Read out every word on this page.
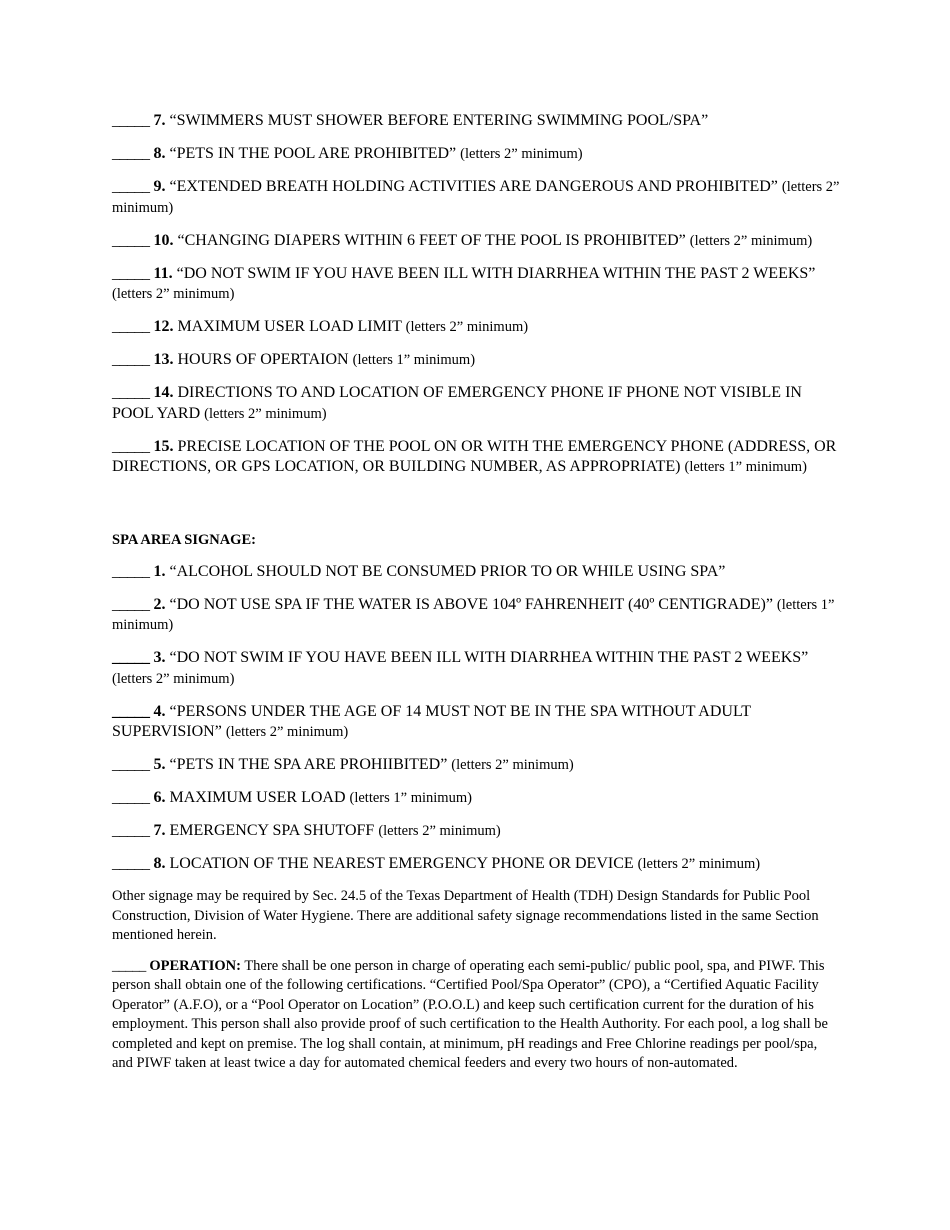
_____ 7. “SWIMMERS MUST SHOWER BEFORE ENTERING SWIMMING POOL/SPA”

_____ 8. “PETS IN THE POOL ARE PROHIBITED” (letters 2” minimum)

_____ 9. “EXTENDED BREATH HOLDING ACTIVITIES ARE DANGEROUS AND PROHIBITED” (letters 2” minimum)

_____ 10. “CHANGING DIAPERS WITHIN 6 FEET OF THE POOL IS PROHIBITED” (letters 2” minimum)

_____ 11. “DO NOT SWIM IF YOU HAVE BEEN ILL WITH DIARRHEA WITHIN THE PAST 2 WEEKS” (letters 2” minimum)

_____ 12. MAXIMUM USER LOAD LIMIT (letters 2” minimum)

_____ 13. HOURS OF OPERTAION (letters 1” minimum)

_____ 14. DIRECTIONS TO AND LOCATION OF EMERGENCY PHONE IF PHONE NOT VISIBLE IN POOL YARD (letters 2” minimum)

_____ 15. PRECISE LOCATION OF THE POOL ON OR WITH THE EMERGENCY PHONE (ADDRESS, OR DIRECTIONS, OR GPS LOCATION, OR BUILDING NUMBER, AS APPROPRIATE) (letters 1” minimum)

SPA AREA SIGNAGE:

_____ 1. “ALCOHOL SHOULD NOT BE CONSUMED PRIOR TO OR WHILE USING SPA”

_____ 2. “DO NOT USE SPA IF THE WATER IS ABOVE 104º FAHRENHEIT (40º CENTIGRADE)” (letters 1” minimum)

_____ 3. “DO NOT SWIM IF YOU HAVE BEEN ILL WITH DIARRHEA WITHIN THE PAST 2 WEEKS” (letters 2” minimum)

_____ 4. “PERSONS UNDER THE AGE OF 14 MUST NOT BE IN THE SPA WITHOUT ADULT SUPERVISION” (letters 2” minimum)

_____ 5. “PETS IN THE SPA ARE PROHIIBITED” (letters 2” minimum)

_____ 6. MAXIMUM USER LOAD (letters 1” minimum)

_____ 7. EMERGENCY SPA SHUTOFF (letters 2” minimum)

_____ 8. LOCATION OF THE NEAREST EMERGENCY PHONE OR DEVICE (letters 2” minimum)

Other signage may be required by Sec. 24.5 of the Texas Department of Health (TDH) Design Standards for Public Pool Construction, Division of Water Hygiene. There are additional safety signage recommendations listed in the same Section mentioned herein.

_____ OPERATION: There shall be one person in charge of operating each semi-public/ public pool, spa, and PIWF. This person shall obtain one of the following certifications. “Certified Pool/Spa Operator” (CPO), a “Certified Aquatic Facility Operator” (A.F.O), or a “Pool Operator on Location” (P.O.O.L) and keep such certification current for the duration of his employment. This person shall also provide proof of such certification to the Health Authority. For each pool, a log shall be completed and kept on premise. The log shall contain, at minimum, pH readings and Free Chlorine readings per pool/spa, and PIWF taken at least twice a day for automated chemical feeders and every two hours of non-automated.
